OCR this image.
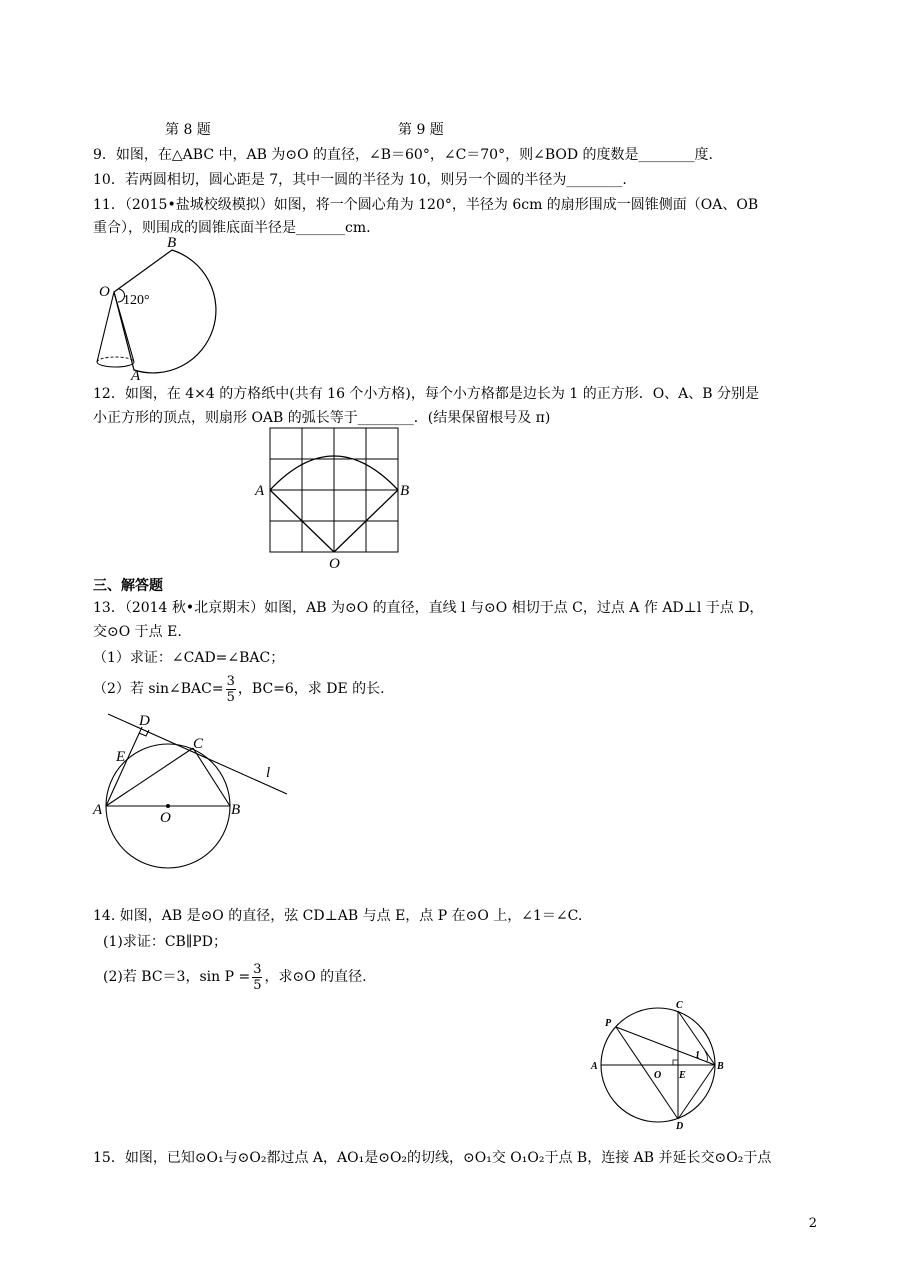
第 8 题	第 9 题
9．如图，在△ABC 中，AB 为⊙O 的直径，∠B＝60°，∠C＝70°，则∠BOD 的度数是________度.
10．若两圆相切，圆心距是 7，其中一圆的半径为 10，则另一个圆的半径为________.
11．（2015•盐城校级模拟）如图，将一个圆心角为 120°，半径为 6cm 的扇形围成一圆锥侧面（OA、OB
重合），则围成的圆锥底面半径是_______cm.
B
O
120°
A
12．如图，在 4×4 的方格纸中(共有 16 个小方格)，每个小方格都是边长为 1 的正方形．O、A、B 分别是
小正方形的顶点，则扇形 OAB 的弧长等于________．(结果保留根号及 π)
A	B
O
三、解答题
13．（2014 秋•北京期末）如图，AB 为⊙O 的直径，直线 l 与⊙O 相切于点 C，过点 A 作 AD⊥l 于点 D，
交⊙O 于点 E.
（1）求证：∠CAD=∠BAC；
（2）若 sin∠BAC= $\frac{3}{5}$ ，BC=6，求 DE 的长.
D
E
C
A	O	B
l
14. 如图，AB 是⊙O 的直径，弦 CD⊥AB 与点 E，点 P 在⊙O 上，∠1＝∠C.
(1)求证：CB∥PD；
(2)若 BC＝3，$\sin P = \frac{3}{5}$ ，求⊙O 的直径.
P
C
A
O E
B
D
1
15．如图，已知⊙O₁与⊙O₂都过点 A，AO₁是⊙O₂的切线，⊙O₁交 O₁O₂于点 B，连接 AB 并延长交⊙O₂于点
2
